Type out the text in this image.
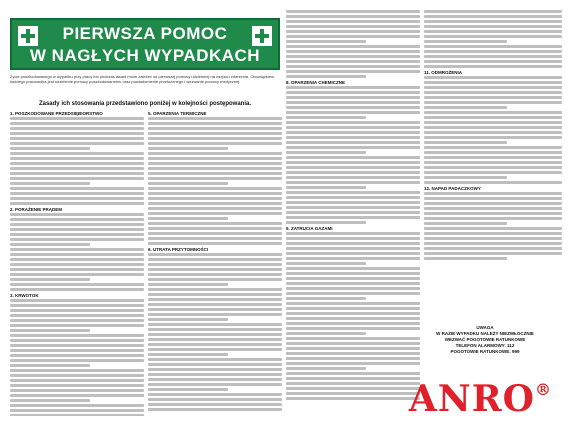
PIERWSZA POMOC
W NAGŁYCH WYPADKACH
Życie poszkodowanego w wypadku przy pracy lub podczas awarii może zależeć od pierwszej pomocy udzielonej na miejscu zdarzenia. Obowiązkiem każdego pracownika jest udzielenie pomocy poszkodowanemu oraz powiadomienie przełożonego i wezwanie pomocy medycznej.
Zasady ich stosowania przedstawiono poniżej w kolejności postępowania.
1. POSZKODOWANE PRZEDSIĘBIORSTWO
2. PORAŻENIE PRĄDEM
3. KRWOTOK
5. OPARZENIA TERMICZNE
6. UTRATA PRZYTOMNOŚCI
8. OPARZENIA CHEMICZNE
9. ZATRUCIA GAZAMI
11. ODMROŻENIA
12. NAPAD PADACZKOWY
UWAGA
W RAZIE WYPADKU NALEŻY NIEZWŁOCZNIE
WEZWAĆ POGOTOWIE RATUNKOWE
TELEFON ALARMOWY: 112
POGOTOWIE RATUNKOWE: 999
ANRO®
